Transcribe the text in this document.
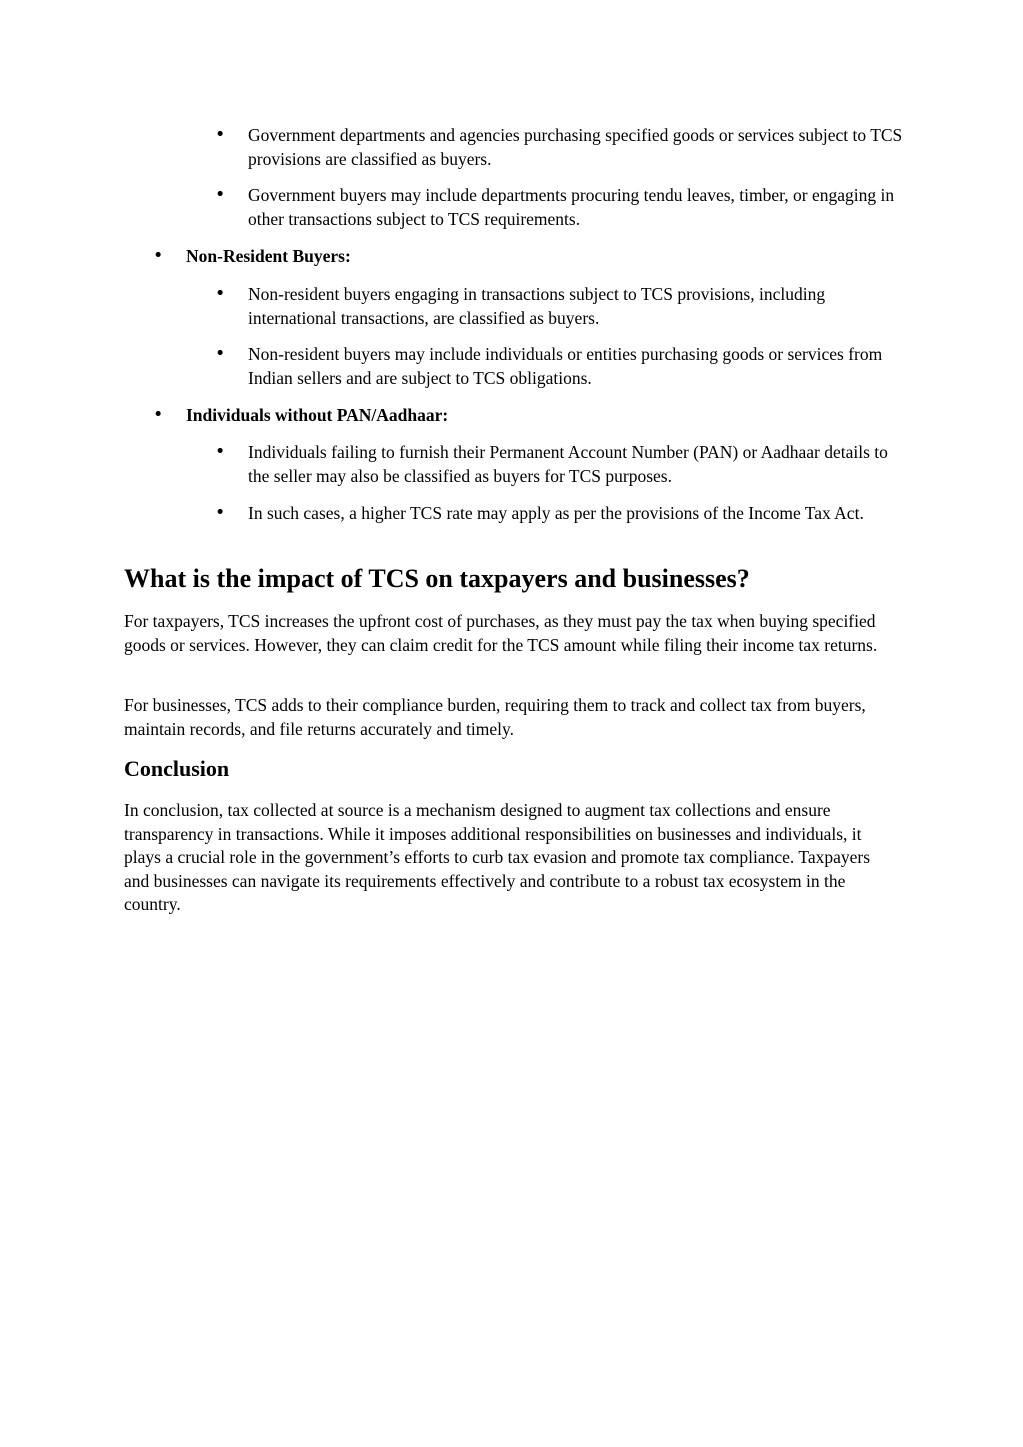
• Government departments and agencies purchasing specified goods or services subject to TCS provisions are classified as buyers.
• Government buyers may include departments procuring tendu leaves, timber, or engaging in other transactions subject to TCS requirements.
• Non-Resident Buyers:
• Non-resident buyers engaging in transactions subject to TCS provisions, including international transactions, are classified as buyers.
• Non-resident buyers may include individuals or entities purchasing goods or services from Indian sellers and are subject to TCS obligations.
• Individuals without PAN/Aadhaar:
• Individuals failing to furnish their Permanent Account Number (PAN) or Aadhaar details to the seller may also be classified as buyers for TCS purposes.
• In such cases, a higher TCS rate may apply as per the provisions of the Income Tax Act.
What is the impact of TCS on taxpayers and businesses?

For taxpayers, TCS increases the upfront cost of purchases, as they must pay the tax when buying specified goods or services. However, they can claim credit for the TCS amount while filing their income tax returns.

For businesses, TCS adds to their compliance burden, requiring them to track and collect tax from buyers, maintain records, and file returns accurately and timely.

Conclusion

In conclusion, tax collected at source is a mechanism designed to augment tax collections and ensure transparency in transactions. While it imposes additional responsibilities on businesses and individuals, it plays a crucial role in the government’s efforts to curb tax evasion and promote tax compliance. Taxpayers and businesses can navigate its requirements effectively and contribute to a robust tax ecosystem in the country.
